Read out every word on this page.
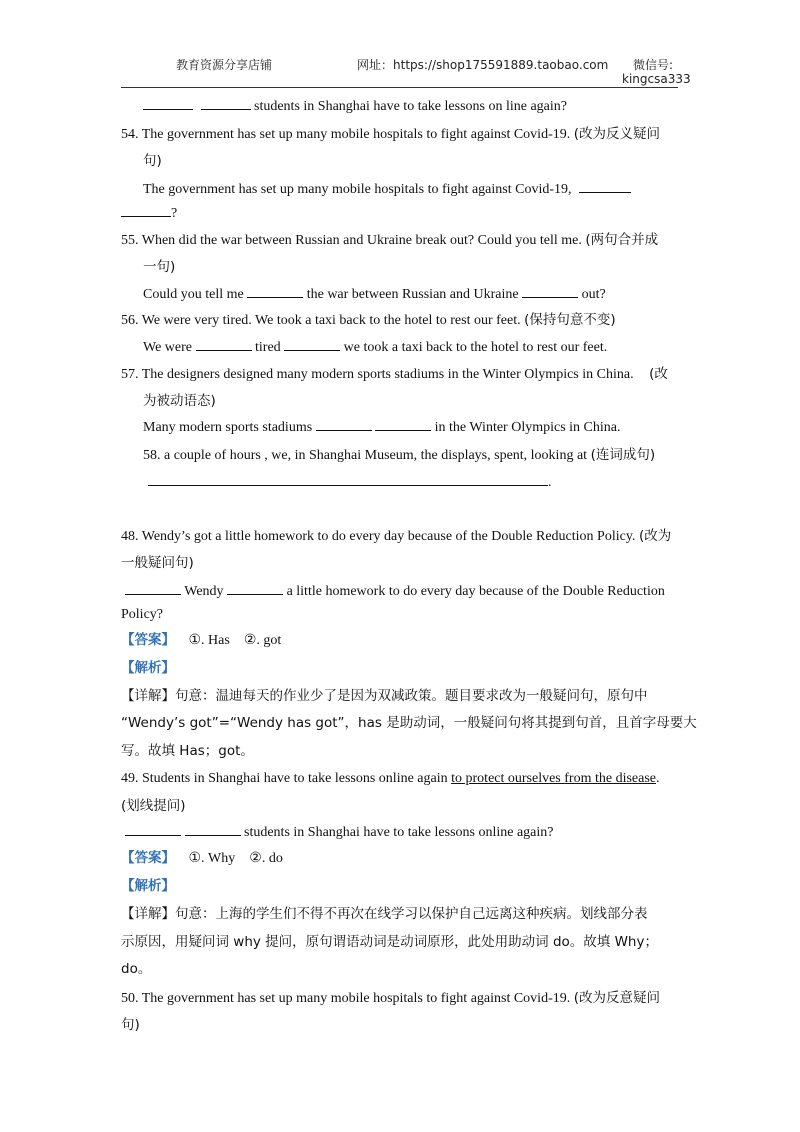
教育资源分享店铺	网址：https://shop175591889.taobao.com 微信号:
kingcsa333
students in Shanghai have to take lessons on line again?
54. The government has set up many mobile hospitals to fight against Covid-19. (改为反义疑问
句)
The government has set up many mobile hospitals to fight against Covid-19,
?
55. When did the war between Russian and Ukraine break out? Could you tell me. (两句合并成
一句)
Could you tell me	the war between Russian and Ukraine	out?
56. We were very tired. We took a taxi back to the hotel to rest our feet. (保持句意不变)
We were	tired	we took a taxi back to the hotel to rest our feet.
57. The designers designed many modern sports stadiums in the Winter Olympics in China. (改
为被动语态)
Many modern sports stadiums	in the Winter Olympics in China.
58. a couple of hours , we, in Shanghai Museum, the displays, spent, looking at (连词成句)
.
48. Wendy’s got a little homework to do every day because of the Double Reduction Policy. (改为
一般疑问句)
Wendy	a little homework to do every day because of the Double Reduction
Policy?
【答案】 ①. Has    ②. got
【解析】
【详解】句意：温迪每天的作业少了是因为双减政策。题目要求改为一般疑问句，原句中
“Wendy’s got”=“Wendy has got”，has 是助动词，一般疑问句将其提到句首，且首字母要大
写。故填 Has；got。
49. Students in Shanghai have to take lessons online again to protect ourselves from the disease.
(划线提问)
students in Shanghai have to take lessons online again?
【答案】 ①. Why    ②. do
【解析】
【详解】句意：上海的学生们不得不再次在线学习以保护自己远离这种疾病。划线部分表
示原因，用疑问词 why 提问，原句谓语动词是动词原形，此处用助动词 do。故填 Why；
do。
50. The government has set up many mobile hospitals to fight against Covid-19. (改为反意疑问
句)
